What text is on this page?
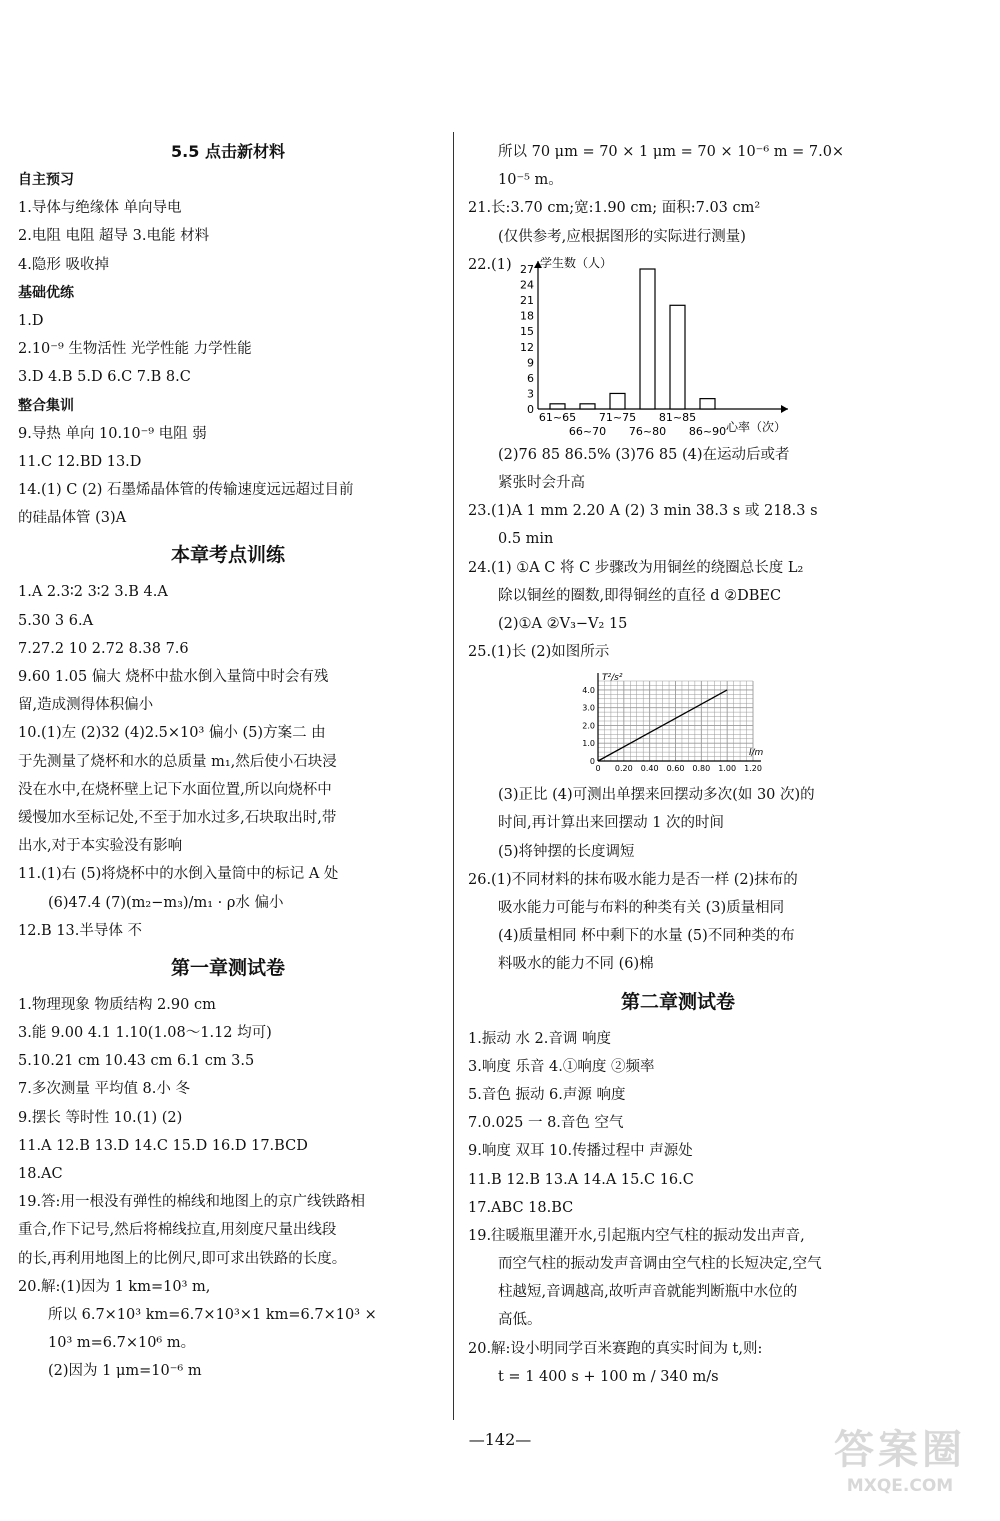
5.5 点击新材料
自主预习
1.导体与绝缘体 单向导电
2.电阻 电阻 超导 3.电能 材料
4.隐形 吸收掉
基础优练
1.D
2.10⁻⁹ 生物活性 光学性能 力学性能
3.D 4.B 5.D 6.C 7.B 8.C
整合集训
9.导热 单向 10.10⁻⁹ 电阻 弱
11.C 12.BD 13.D
14.(1) C (2) 石墨烯晶体管的传输速度远远超过目前
的硅晶体管 (3)A
本章考点训练
1.A 2.3∶2 3∶2 3.B 4.A
5.30 3 6.A
7.27.2 10 2.72 8.38 7.6
9.60 1.05 偏大 烧杯中盐水倒入量筒中时会有残
留,造成测得体积偏小
10.(1)左 (2)32 (4)2.5×10³ 偏小 (5)方案二 由
于先测量了烧杯和水的总质量 m₁,然后使小石块浸
没在水中,在烧杯壁上记下水面位置,所以向烧杯中
缓慢加水至标记处,不至于加水过多,石块取出时,带
出水,对于本实验没有影响
11.(1)右 (5)将烧杯中的水倒入量筒中的标记 A 处
(6)47.4 (7)(m₂−m₃)/m₁ · ρ水 偏小
12.B 13.半导体 不
第一章测试卷
1.物理现象 物质结构 2.90 cm
3.能 9.00 4.1 1.10(1.08～1.12 均可)
5.10.21 cm 10.43 cm 6.1 cm 3.5
7.多次测量 平均值 8.小 冬
9.摆长 等时性 10.(1) (2)
11.A 12.B 13.D 14.C 15.D 16.D 17.BCD
18.AC
19.答:用一根没有弹性的棉线和地图上的京广线铁路相
重合,作下记号,然后将棉线拉直,用刻度尺量出线段
的长,再利用地图上的比例尺,即可求出铁路的长度。
20.解:(1)因为 1 km=10³ m,
所以 6.7×10³ km=6.7×10³×1 km=6.7×10³ ×
10³ m=6.7×10⁶ m。
(2)因为 1 μm=10⁻⁶ m
所以 70 μm = 70 × 1 μm = 70 × 10⁻⁶ m = 7.0×
10⁻⁵ m。
21.长:3.70 cm;宽:1.90 cm; 面积:7.03 cm²
(仅供参考,应根据图形的实际进行测量)
22.(1) 学生数（人）
心率（次）
0
3
6
9
12
15
18
21
24
27
61~65
66~70
71~75
76~80
81~85
86~90
(2)76 85 86.5% (3)76 85 (4)在运动后或者
紧张时会升高
23.(1)A 1 mm 2.20 A (2) 3 min 38.3 s 或 218.3 s
0.5 min
24.(1) ①A C 将 C 步骤改为用铜丝的绕圈总长度 L₂
除以铜丝的圈数,即得铜丝的直径 d ②DBEC
(2)①A ②V₃−V₂ 15
25.(1)长 (2)如图所示
T²/s²
l/m
0
1.0
2.0
3.0
4.0
0 0.20 0.40 0.60 0.80 1.00 1.20
(3)正比 (4)可测出单摆来回摆动多次(如 30 次)的
时间,再计算出来回摆动 1 次的时间
(5)将钟摆的长度调短
26.(1)不同材料的抹布吸水能力是否一样 (2)抹布的
吸水能力可能与布料的种类有关 (3)质量相同
(4)质量相同 杯中剩下的水量 (5)不同种类的布
料吸水的能力不同 (6)棉
第二章测试卷
1.振动 水 2.音调 响度
3.响度 乐音 4.①响度 ②频率
5.音色 振动 6.声源 响度
7.0.025 一 8.音色 空气
9.响度 双耳 10.传播过程中 声源处
11.B 12.B 13.A 14.A 15.C 16.C
17.ABC 18.BC
19.往暖瓶里灌开水,引起瓶内空气柱的振动发出声音,
而空气柱的振动发声音调由空气柱的长短决定,空气
柱越短,音调越高,故听声音就能判断瓶中水位的
高低。
20.解:设小明同学百米赛跑的真实时间为 t,则:
t = 1 400 s + 100 m / 340 m/s
—142—	答案圈
MXQE.COM
